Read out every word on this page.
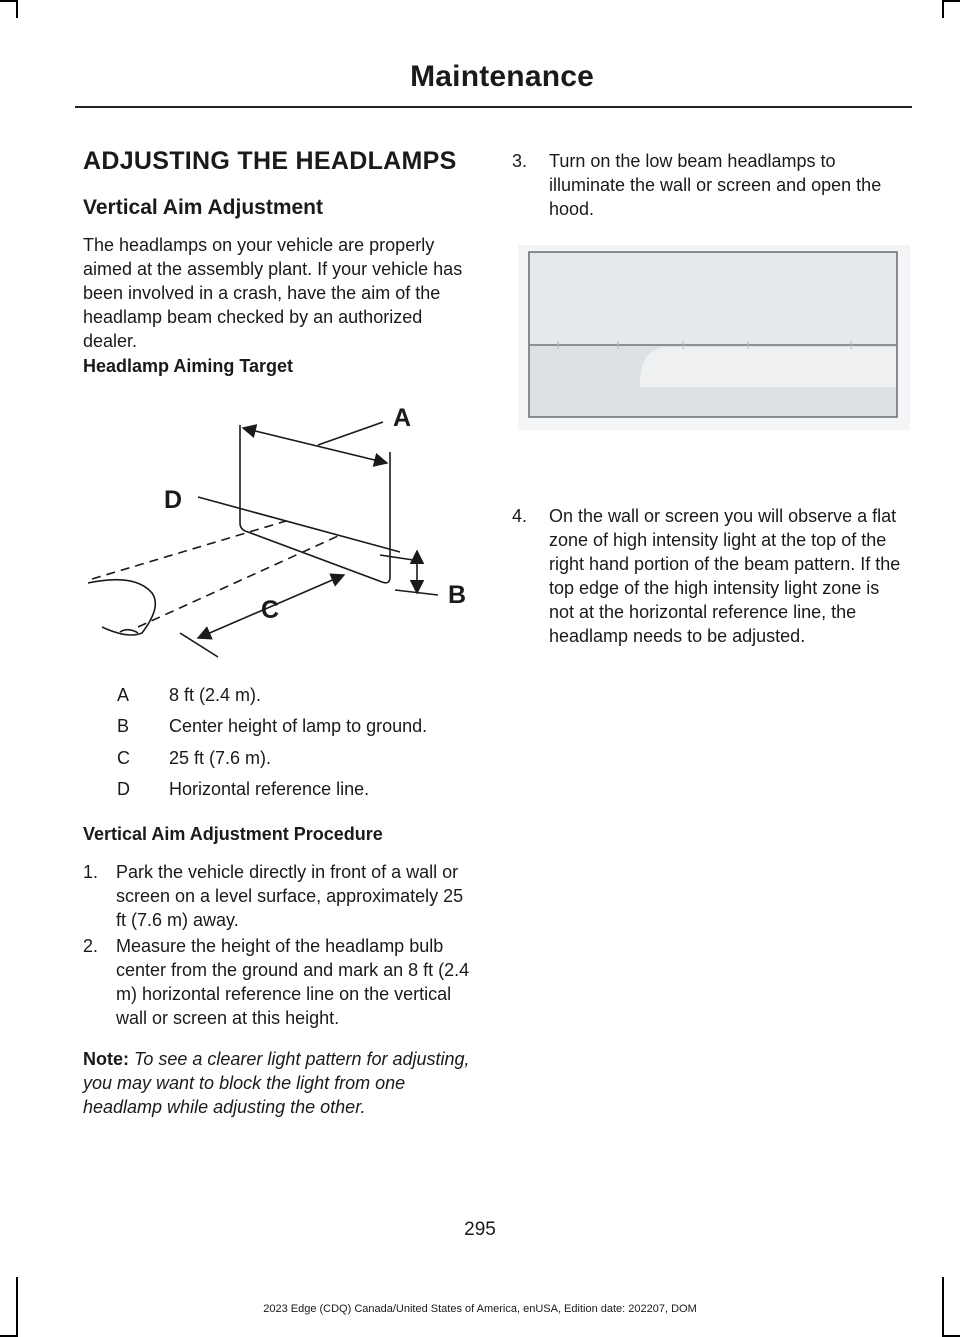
Maintenance
ADJUSTING THE HEADLAMPS
Vertical Aim Adjustment
The headlamps on your vehicle are properly aimed at the assembly plant. If your vehicle has been involved in a crash, have the aim of the headlamp beam checked by an authorized dealer.
Headlamp Aiming Target
A
B
C
D
A 8 ft (2.4 m).
B Center height of lamp to ground.
C 25 ft (7.6 m).
D Horizontal reference line.
Vertical Aim Adjustment Procedure
1. Park the vehicle directly in front of a wall or screen on a level surface, approximately 25 ft (7.6 m) away.
2. Measure the height of the headlamp bulb center from the ground and mark an 8 ft (2.4 m) horizontal reference line on the vertical wall or screen at this height.
Note: To see a clearer light pattern for adjusting, you may want to block the light from one headlamp while adjusting the other.
3. Turn on the low beam headlamps to illuminate the wall or screen and open the hood.
4. On the wall or screen you will observe a flat zone of high intensity light at the top of the right hand portion of the beam pattern. If the top edge of the high intensity light zone is not at the horizontal reference line, the headlamp needs to be adjusted.
295
2023 Edge (CDQ) Canada/United States of America, enUSA, Edition date: 202207, DOM
